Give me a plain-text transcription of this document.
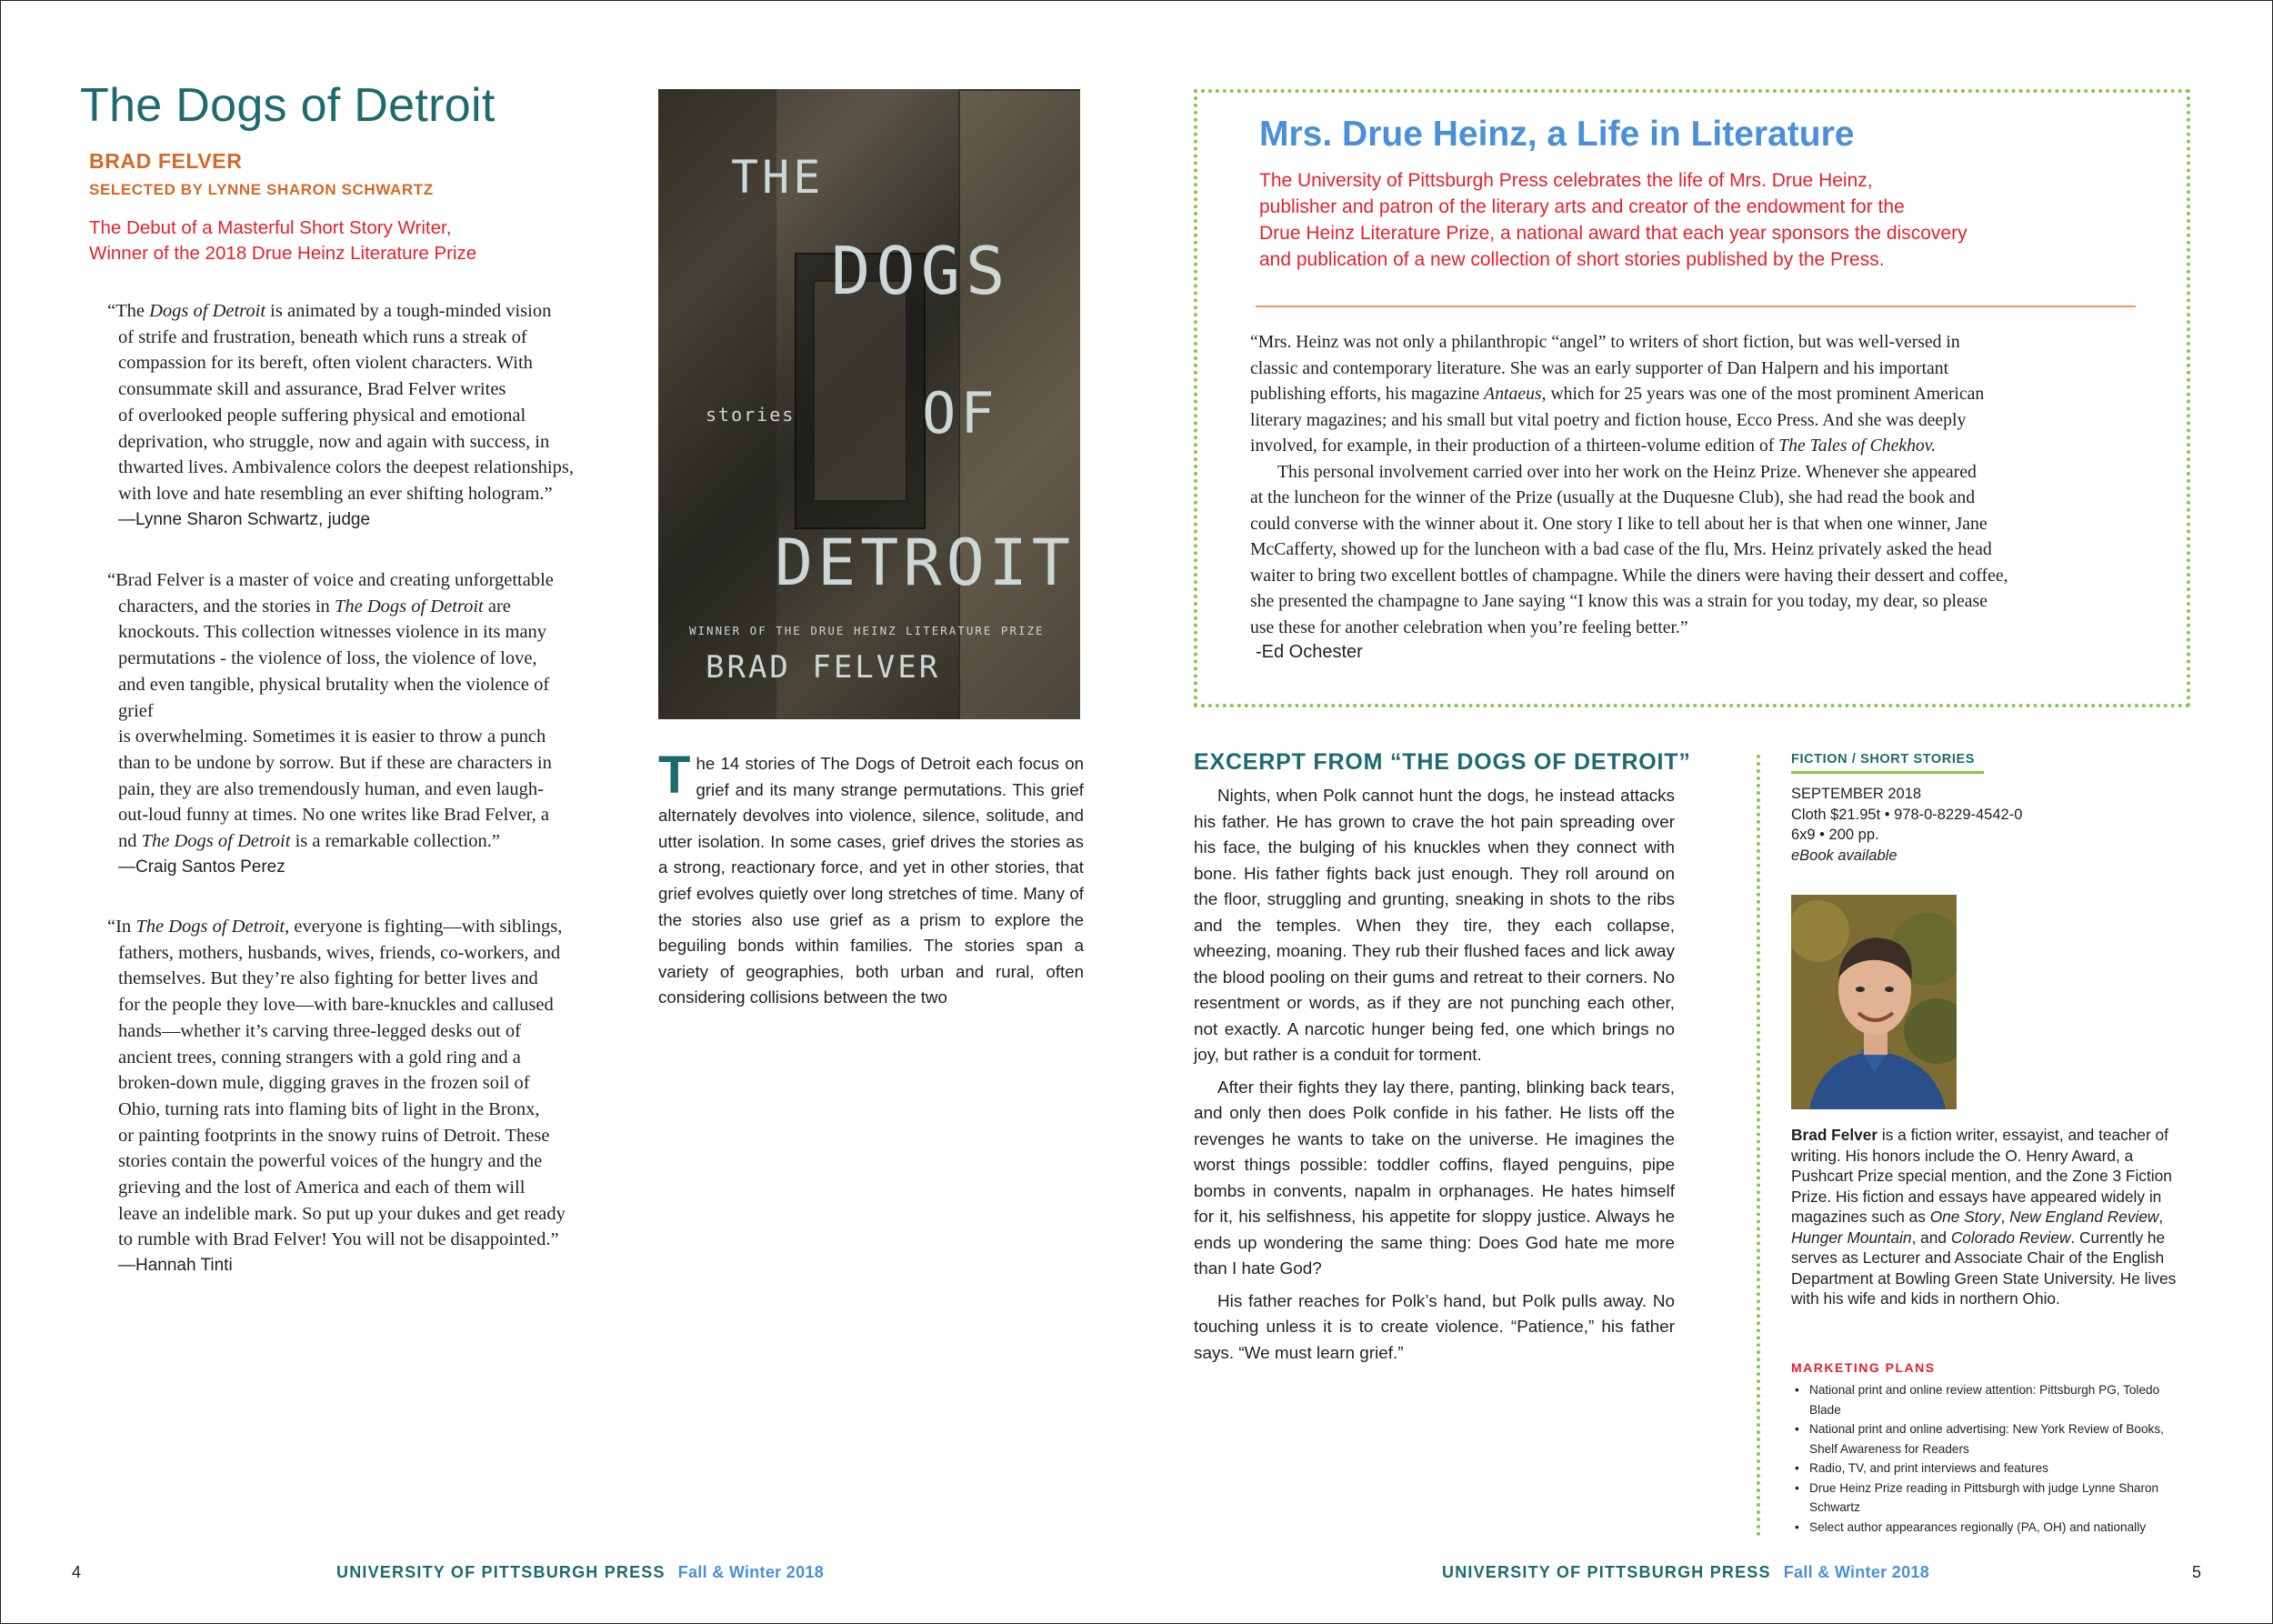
The Dogs of Detroit
BRAD FELVER
SELECTED BY LYNNE SHARON SCHWARTZ
The Debut of a Masterful Short Story Writer,
Winner of the 2018 Drue Heinz Literature Prize

“The Dogs of Detroit is animated by a tough-minded vision

of strife and frustration, beneath which runs a streak of
compassion for its bereft, often violent characters. With
consummate skill and assurance, Brad Felver writes
of overlooked people suffering physical and emotional
deprivation, who struggle, now and again with success, in
thwarted lives. Ambivalence colors the deepest relationships,
with love and hate resembling an ever shifting hologram.”
—Lynne Sharon Schwartz, judge
“Brad Felver is a master of voice and creating unforgettable
characters, and the stories in The Dogs of Detroit are
knockouts. This collection witnesses violence in its many
permutations - the violence of loss, the violence of love,
and even tangible, physical brutality when the violence of
grief
is overwhelming. Sometimes it is easier to throw a punch
than to be undone by sorrow. But if these are characters in
pain, they are also tremendously human, and even laugh-
out-loud funny at times. No one writes like Brad Felver, a
nd The Dogs of Detroit is a remarkable collection.”
—Craig Santos Perez
“In The Dogs of Detroit, everyone is fighting—with siblings,
fathers, mothers, husbands, wives, friends, co-workers, and
themselves. But they’re also fighting for better lives and
for the people they love—with bare-knuckles and callused
hands—whether it’s carving three-legged desks out of
ancient trees, conning strangers with a gold ring and a
broken-down mule, digging graves in the frozen soil of
Ohio, turning rats into flaming bits of light in the Bronx,
or painting footprints in the snowy ruins of Detroit. These
stories contain the powerful voices of the hungry and the
grieving and the lost of America and each of them will
leave an indelible mark. So put up your dukes and get ready
to rumble with Brad Felver! You will not be disappointed.”
—Hannah Tinti
THE
DOGS
stories OF
DETROIT
WINNER OF THE DRUE HEINZ LITERATURE PRIZE
BRAD FELVER
The 14 stories of The Dogs of Detroit each focus on grief and its many strange permutations. This grief alternately devolves into violence, silence, solitude, and utter isolation. In some cases, grief drives the stories as a strong, reactionary force, and yet in other stories, that grief evolves quietly over long stretches of time. Many of the stories also use grief as a prism to explore the beguiling bonds within families. The stories span a variety of geographies, both urban and rural, often considering collisions between the two
4	UNIVERSITY OF PITTSBURGH PRESS Fall & Winter 2018	UNIVERSITY OF PITTSBURGH PRESS Fall & Winter 2018	5
Mrs. Drue Heinz, a Life in Literature
The University of Pittsburgh Press celebrates the life of Mrs. Drue Heinz,
publisher and patron of the literary arts and creator of the endowment for the
Drue Heinz Literature Prize, a national award that each year sponsors the discovery
and publication of a new collection of short stories published by the Press.
“Mrs. Heinz was not only a philanthropic “angel” to writers of short fiction, but was well-versed in
classic and contemporary literature. She was an early supporter of Dan Halpern and his important
publishing efforts, his magazine Antaeus, which for 25 years was one of the most prominent American
literary magazines; and his small but vital poetry and fiction house, Ecco Press. And she was deeply
involved, for example, in their production of a thirteen-volume edition of The Tales of Chekhov.
This personal involvement carried over into her work on the Heinz Prize. Whenever she appeared
at the luncheon for the winner of the Prize (usually at the Duquesne Club), she had read the book and
could converse with the winner about it. One story I like to tell about her is that when one winner, Jane
McCafferty, showed up for the luncheon with a bad case of the flu, Mrs. Heinz privately asked the head
waiter to bring two excellent bottles of champagne. While the diners were having their dessert and coffee,
she presented the champagne to Jane saying “I know this was a strain for you today, my dear, so please
use these for another celebration when you’re feeling better.”
-Ed Ochester
EXCERPT FROM “THE DOGS OF DETROIT”

Nights, when Polk cannot hunt the dogs, he instead attacks his father. He has grown to crave the hot pain spreading over his face, the bulging of his knuckles when they connect with bone. His father fights back just enough. They roll around on the floor, struggling and grunting, sneaking in shots to the ribs and the temples. When they tire, they each collapse, wheezing, moaning. They rub their flushed faces and lick away the blood pooling on their gums and retreat to their corners. No resentment or words, as if they are not punching each other, not exactly. A narcotic hunger being fed, one which brings no joy, but rather is a conduit for torment.

After their fights they lay there, panting, blinking back tears, and only then does Polk confide in his father. He lists off the revenges he wants to take on the universe. He imagines the worst things possible: toddler coffins, flayed penguins, pipe bombs in convents, napalm in orphanages. He hates himself for it, his selfishness, his appetite for sloppy justice. Always he ends up wondering the same thing: Does God hate me more than I hate God?

His father reaches for Polk’s hand, but Polk pulls away. No touching unless it is to create violence. “Patience,” his father says. “We must learn grief.”

FICTION / SHORT STORIES
SEPTEMBER 2018
Cloth $21.95t • 978-0-8229-4542-0
6x9 • 200 pp.
eBook available
Brad Felver is a fiction writer, essayist, and teacher of writing. His honors include the O. Henry Award, a Pushcart Prize special mention, and the Zone 3 Fiction Prize. His fiction and essays have appeared widely in magazines such as One Story, New England Review, Hunger Mountain, and Colorado Review. Currently he serves as Lecturer and Associate Chair of the English Department at Bowling Green State University. He lives with his wife and kids in northern Ohio.
MARKETING PLANS
• National print and online review attention: Pittsburgh PG, Toledo Blade
• National print and online advertising: New York Review of Books, Shelf Awareness for Readers
• Radio, TV, and print interviews and features
• Drue Heinz Prize reading in Pittsburgh with judge Lynne Sharon Schwartz
• Select author appearances regionally (PA, OH) and nationally
